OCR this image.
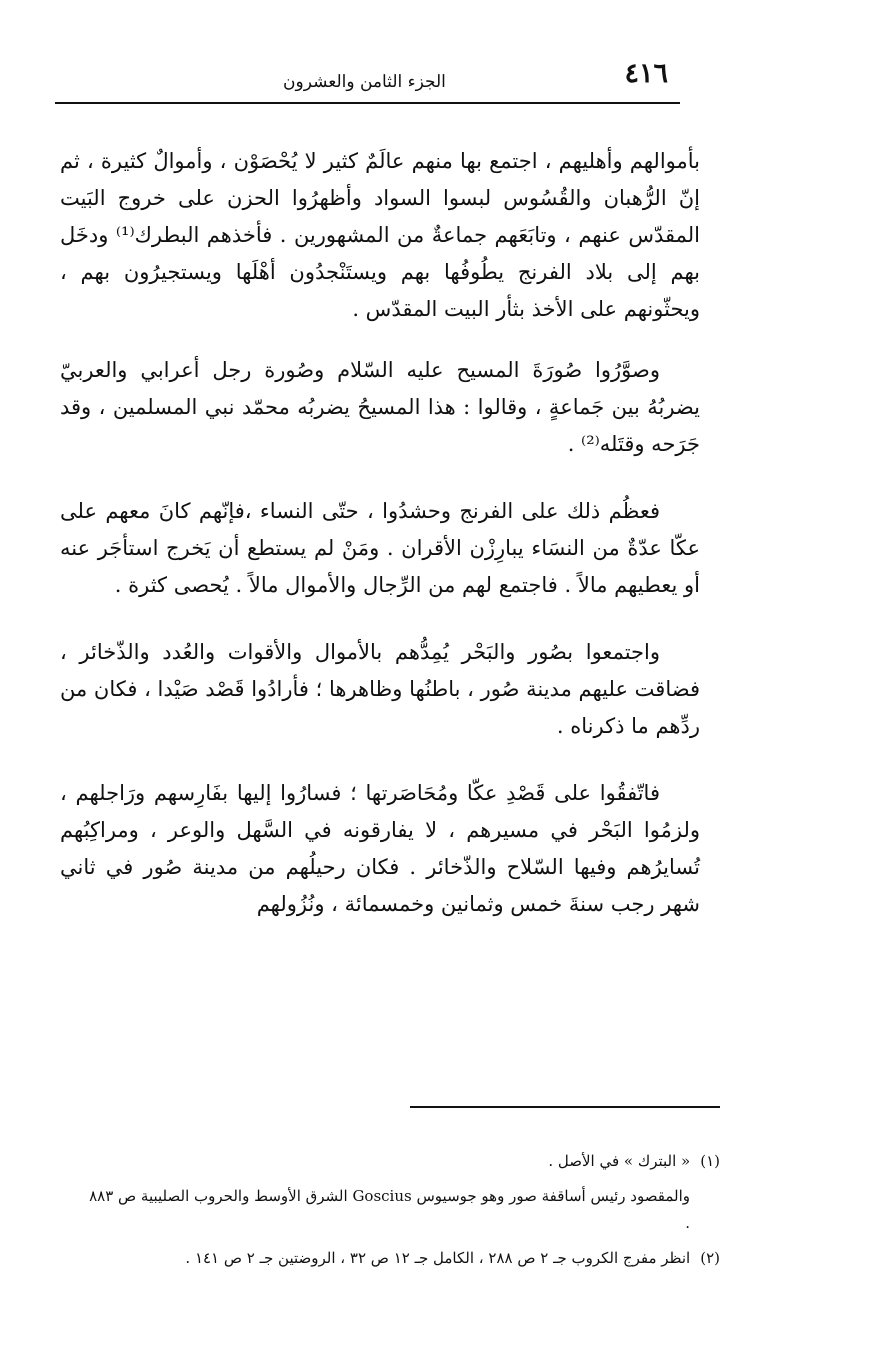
٤١٦
الجزء الثامن والعشرون

بأموالهم وأهليهم ، اجتمع بها منهم عالَمٌ كثير لا يُحْصَوْن ، وأموالٌ كثيرة ، ثم إنّ الرُّهبان والقُسُوس لبسوا السواد وأظهرُوا الحزن على خروج البَيت المقدّس عنهم ، وتابَعَهم جماعةٌ من المشهورين . فأخذهم البطرك⁽¹⁾ ودخَل بهم إلى بلاد الفرنج يطُوفُها بهم ويستَنْجدُون أهْلَها ويستجيرُون بهم ، ويحثّونهم على الأخذ بثأر البيت المقدّس .

وصوَّرُوا صُورَةَ المسيح عليه السّلام وصُورة رجل أعرابي والعربيّ يضربُهُ بين جَماعةٍ ، وقالوا : هذا المسيحُ يضربُه محمّد نبي المسلمين ، وقد جَرَحه وقتَله⁽²⁾ .

فعظُم ذلك على الفرنج وحشدُوا ، حتّى النساء ،فإنّهم كانَ معهم على عكّا عدّةٌ من النسَاء يبارِزْن الأقران . ومَنْ لم يستطع أن يَخرج استأجَر عنه أو يعطيهم مالاً . فاجتمع لهم من الرِّجال والأموال مالاً . يُحصى كثرة .

واجتمعوا بصُور والبَحْر يُمِدُّهم بالأموال والأقوات والعُدد والذّخائر ، فضاقت عليهم مدينة صُور ، باطنُها وظاهرها ؛ فأرادُوا قَصْد صَيْدا ، فكان من ردِّهم ما ذكرناه .

فاتّفقُوا على قَصْدِ عكّا ومُحَاصَرتها ؛ فسارُوا إليها بفَارِسهم ورَاجلهم ، ولزمُوا البَحْر في مسيرهم ، لا يفارقونه في السَّهل والوعر ، ومراكِبُهم تُسايرُهم وفيها السّلاح والذّخائر . فكان رحيلُهم من مدينة صُور في ثاني شهر رجب سنةَ خمس وثمانين وخمسمائة ، ونُزُولهم

(١)« البترك » في الأصل .

والمقصود رئيس أساقفة صور وهو جوسيوس Goscius الشرق الأوسط والحروب الصليبية ص ٨٨٣ .

(٢)انظر مفرج الكروب جـ ٢ ص ٢٨٨ ، الكامل جـ ١٢ ص ٣٢ ، الروضتين جـ ٢ ص ١٤١ .
